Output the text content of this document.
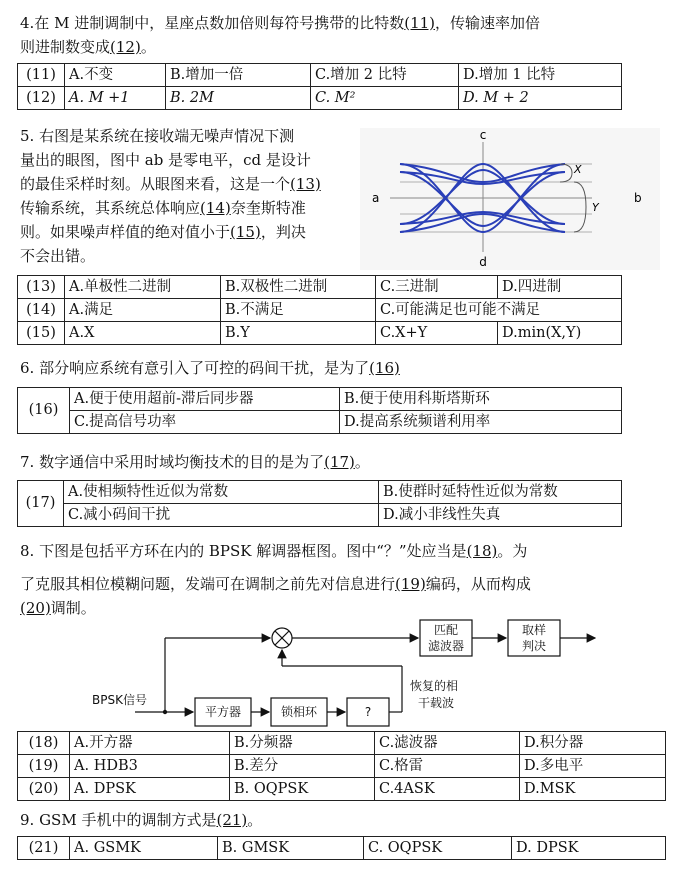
4.在 M 进制调制中，星座点数加倍则每符号携带的比特数(11)，传输速率加倍
则进制数变成(12)。
(11)	A.不变	B.增加一倍	C.增加 2 比特	D.增加 1 比特
(12)	A. M +1	B. 2M	C. M²	D. M + 2
5. 右图是某系统在接收端无噪声情况下测
量出的眼图，图中 ab 是零电平，cd 是设计
的最佳采样时刻。从眼图来看，这是一个(13)
传输系统，其系统总体响应(14)奈奎斯特准
则。如果噪声样值的绝对值小于(15)，判决
不会出错。
c
d
a	b
X
Y
(13)	A.单极性二进制	B.双极性二进制	C.三进制	D.四进制
(14)	A.满足	B.不满足	C.可能满足也可能不满足	
(15)	A.X	B.Y	C.X+Y	D.min(X,Y)
6. 部分响应系统有意引入了可控的码间干扰，是为了(16)
(16)	A.便于使用超前-滞后同步器	B.便于使用科斯塔斯环
	C.提高信号功率	D.提高系统频谱利用率
7. 数字通信中采用时域均衡技术的目的是为了(17)。
(17)	A.使相频特性近似为常数	B.使群时延特性近似为常数
	C.减小码间干扰	D.减小非线性失真
8. 下图是包括平方环在内的 BPSK 解调器框图。图中“？”处应当是(18)。为
了克服其相位模糊问题，发端可在调制之前先对信息进行(19)编码，从而构成
(20)调制。
BPSK信号
平方器	锁相环	?
匹配
滤波器
取样
判决
恢复的相
干载波
(18)	A.开方器	B.分频器	C.滤波器	D.积分器
(19)	A. HDB3	B.差分	C.格雷	D.多电平
(20)	A. DPSK	B. OQPSK	C.4ASK	D.MSK
9. GSM 手机中的调制方式是(21)。
(21)	A. GSMK	B. GMSK	C. OQPSK	D. DPSK
